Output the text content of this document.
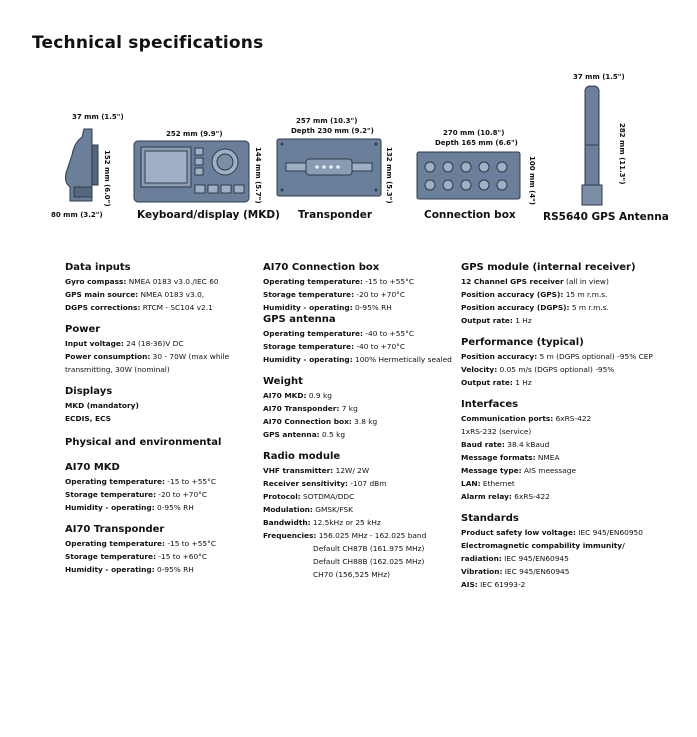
Technical specifications
37 mm (1.5")
152 mm (6.0")
80 mm (3.2")
252 mm (9.9")
144 mm (5.7")
Keyboard/display (MKD)
257 mm (10.3")
Depth 230 mm (9.2")
132 mm (5.3")
Transponder
270 mm (10.8")
Depth 165 mm (6.6")
100 mm (4")
Connection box
37 mm (1.5")
282 mm (11.3")
RS5640 GPS Antenna
Data inputs
Gyro compass: NMEA 0183 v3.0./IEC 60
GPS main source: NMEA 0183 v3.0,
DGPS corrections: RTCM - SC104 v2.1
Power
Input voltage: 24 (18-36)V DC
Power consumption: 30 - 70W (max while
transmitting, 30W (nominal)
Displays
MKD (mandatory)
ECDIS, ECS
Physical and environmental
AI70 MKD
Operating temperature: -15 to +55°C
Storage temperature: -20 to +70°C
Humidity - operating: 0-95% RH
AI70 Transponder
Operating temperature: -15 to +55°C
Storage temperature: -15 to +60°C
Humidity - operating: 0-95% RH
AI70 Connection box
Operating temperature: -15 to +55°C
Storage temperature: -20 to +70°C
Humidity - operating: 0-95% RH
GPS antenna
Operating temperature: -40 to +55°C
Storage temperature: -40 to +70°C
Humidity - operating: 100% Hermetically sealed
Weight
AI70 MKD: 0.9 kg
AI70 Transponder: 7 kg
AI70 Connection box: 3.8 kg
GPS antenna: 0.5 kg
Radio module
VHF transmitter: 12W/ 2W
Receiver sensitivity: -107 dBm
Protocol: SOTDMA/DDC
Modulation: GMSK/FSK
Bandwidth: 12.5kHz or 25 kHz
Frequencies: 156.025 MHz - 162.025 band
Default CH87B (161.975 MHz)
Default CH88B (162.025 MHz)
CH70 (156,525 MHz)
GPS module (internal receiver)
12 Channel GPS receiver (all in view)
Position accuracy (GPS): 15 m r.m.s.
Position accuracy (DGPS): 5 m r.m.s.
Output rate: 1 Hz
Performance (typical)
Position accuracy: 5 m (DGPS optional) -95% CEP
Velocity: 0.05 m/s (DGPS optional) -95%
Output rate: 1 Hz
Interfaces
Communication ports: 6xRS-422
1xRS-232 (service)
Baud rate: 38.4 kBaud
Message formats: NMEA
Message type: AIS meessage
LAN: Ethernet
Alarm relay: 6xRS-422
Standards
Product safety low voltage: IEC 945/EN60950
Electromagnetic compability immunity/
radiation: IEC 945/EN60945
Vibration: IEC 945/EN60945
AIS: IEC 61993-2
